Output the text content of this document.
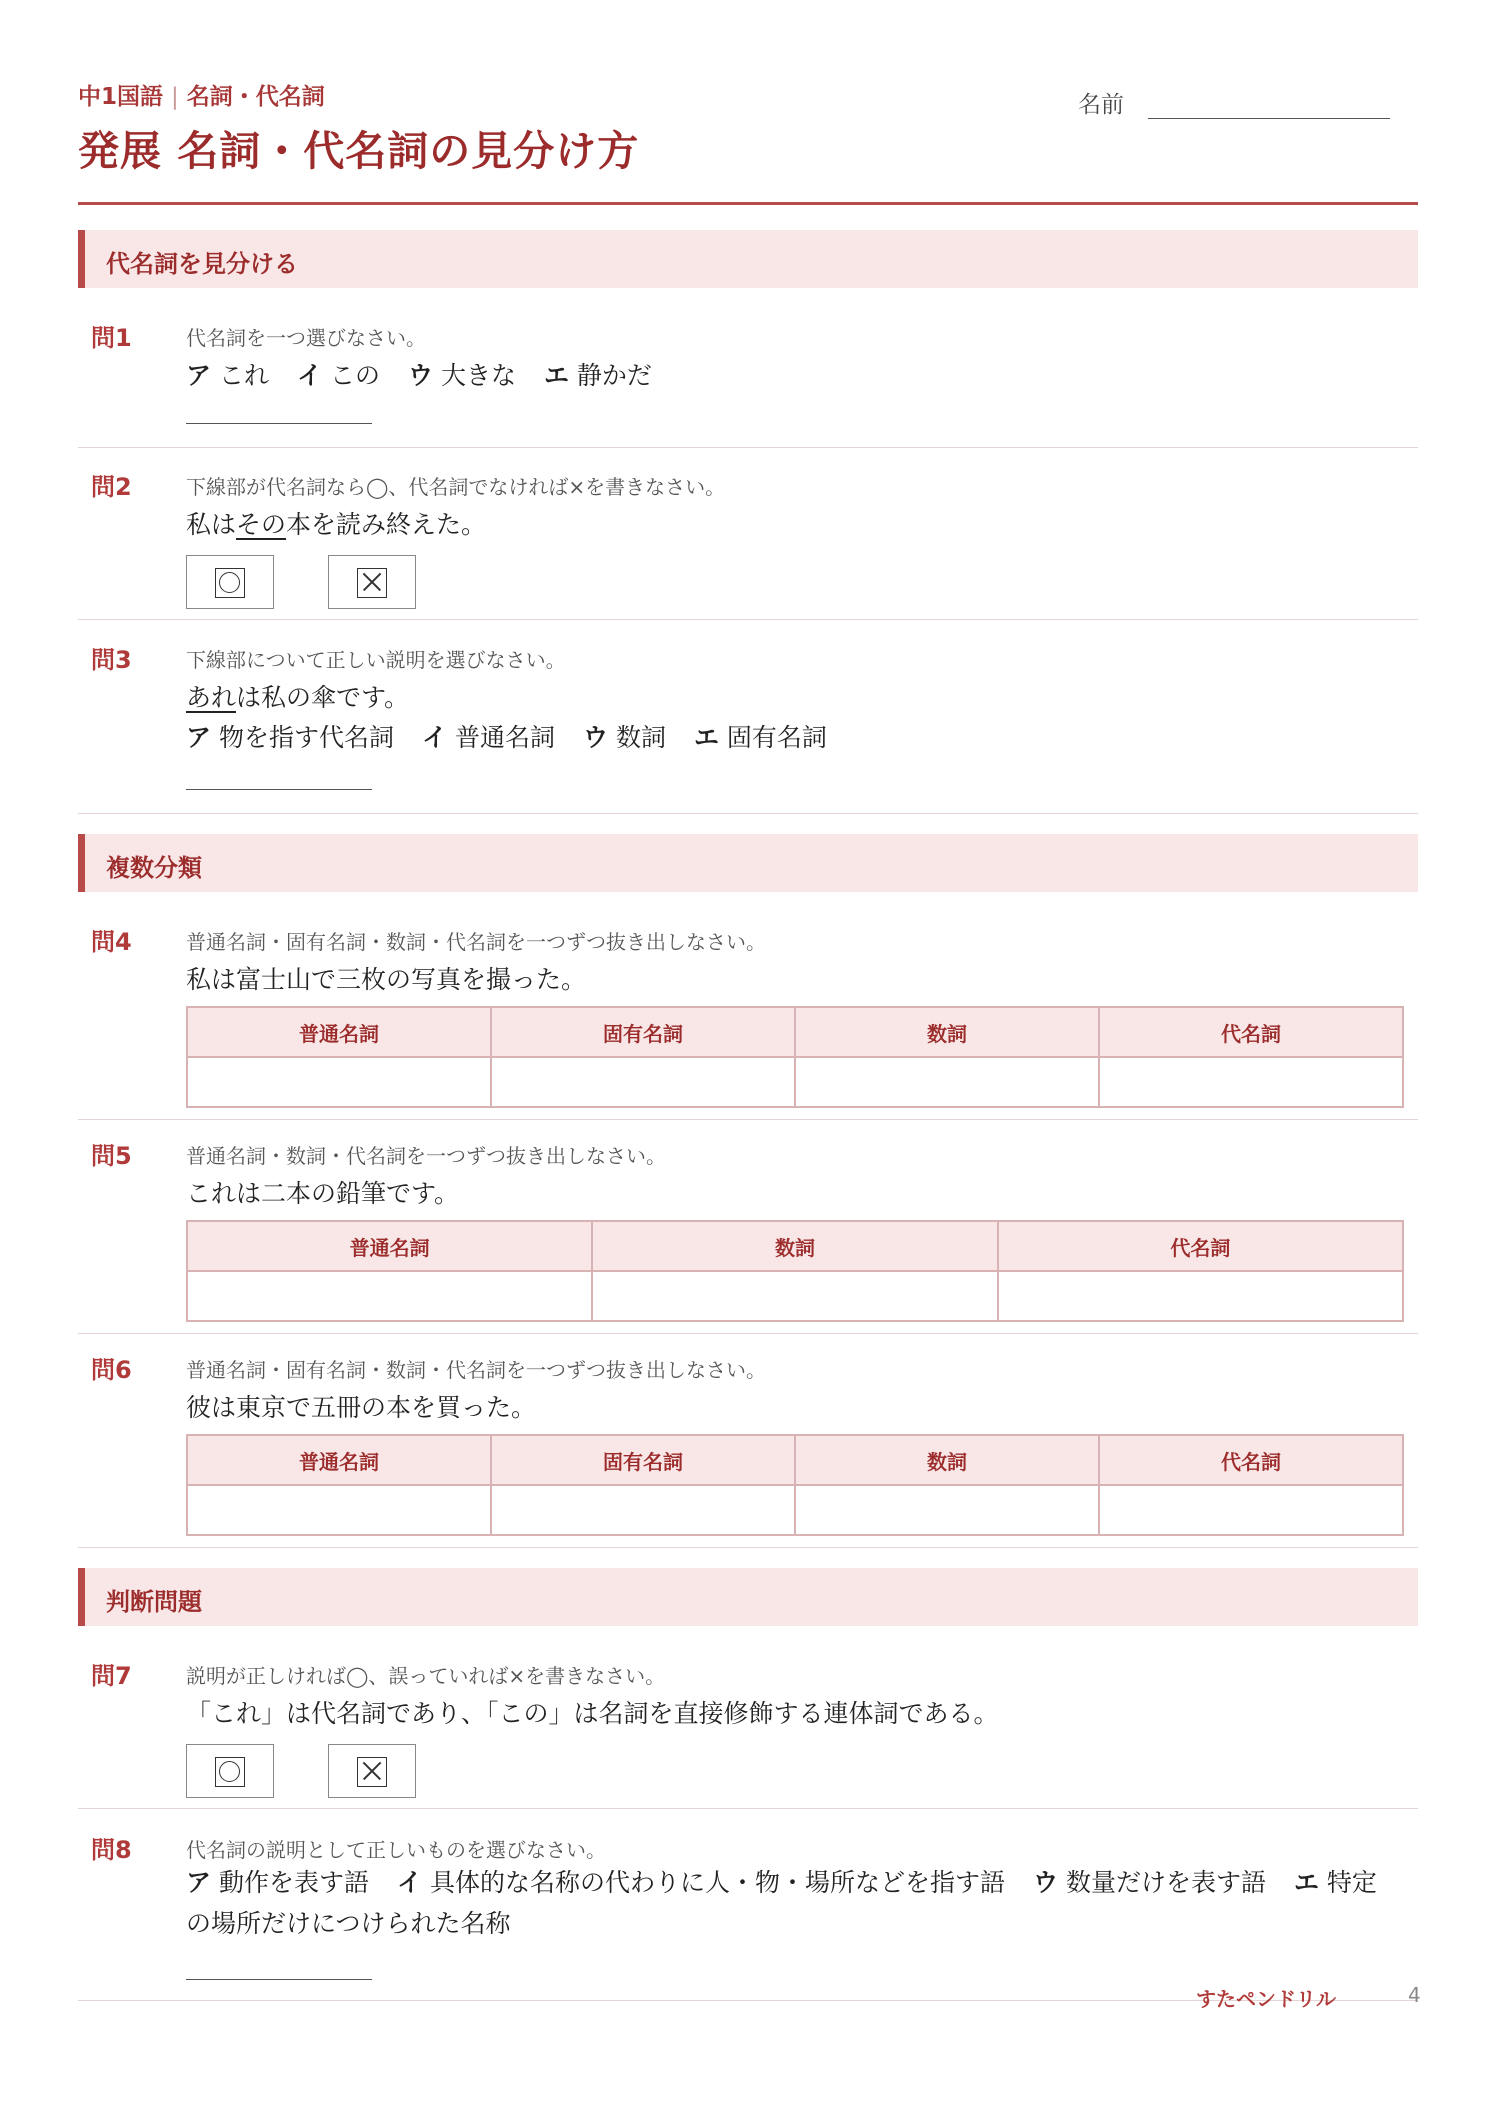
中1国語 | 名詞・代名詞
発展 名詞・代名詞の見分け方
名前
代名詞を見分ける
問1	代名詞を一つ選びなさい。
ア これ イ この ウ 大きな エ 静かだ
問2	下線部が代名詞なら◯、代名詞でなければ×を書きなさい。
私はその本を読み終えた。
問3	下線部について正しい説明を選びなさい。
あれは私の傘です。
ア 物を指す代名詞 イ 普通名詞 ウ 数詞 エ 固有名詞
複数分類
問4	普通名詞・固有名詞・数詞・代名詞を一つずつ抜き出しなさい。
私は富士山で三枚の写真を撮った。
普通名詞	固有名詞	数詞	代名詞

問5	普通名詞・数詞・代名詞を一つずつ抜き出しなさい。
これは二本の鉛筆です。
普通名詞	数詞	代名詞

問6	普通名詞・固有名詞・数詞・代名詞を一つずつ抜き出しなさい。
彼は東京で五冊の本を買った。
普通名詞	固有名詞	数詞	代名詞

判断問題
問7	説明が正しければ◯、誤っていれば×を書きなさい。
「これ」は代名詞であり、「この」は名詞を直接修飾する連体詞である。
問8	代名詞の説明として正しいものを選びなさい。
ア 動作を表す語 イ 具体的な名称の代わりに人・物・場所などを指す語 ウ 数量だけを表す語 エ 特定の場所だけにつけられた名称
すたペンドリル	4
